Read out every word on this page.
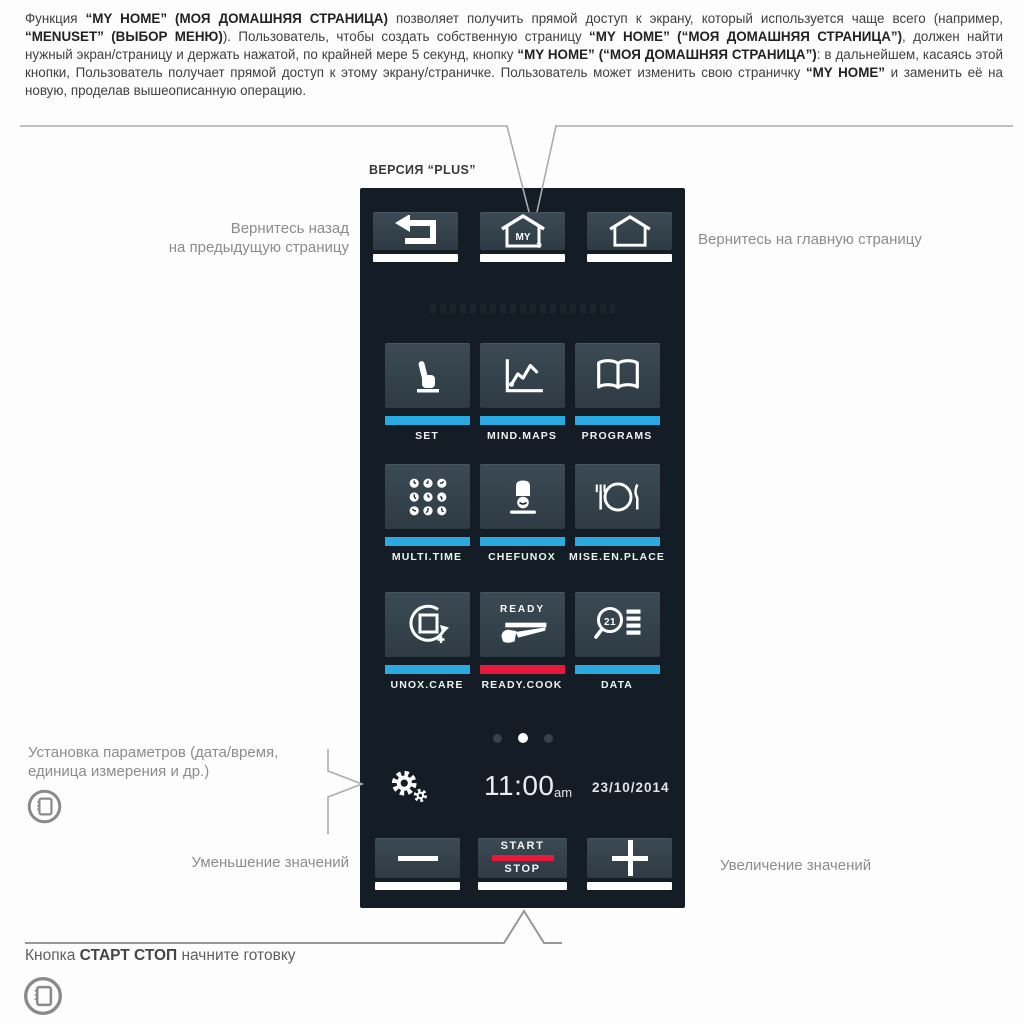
Функция “MY HOME” (МОЯ ДОМАШНЯЯ СТРАНИЦА) позволяет получить прямой доступ к экрану, который используется чаще всего (например, “MENUSET” (ВЫБОР МЕНЮ)). Пользователь, чтобы создать собственную страницу “MY HOME” (“МОЯ ДОМАШНЯЯ СТРАНИЦА”), должен найти нужный экран/страницу и держать нажатой, по крайней мере 5 секунд, кнопку “MY HOME” (“МОЯ ДОМАШНЯЯ СТРАНИЦА”): в дальнейшем, касаясь этой кнопки, Пользователь получает прямой доступ к этому экрану/страничке. Пользователь может изменить свою страничку “MY HOME” и заменить её на новую, проделав вышеописанную операцию.

ВЕРСИЯ “PLUS”
MY
SET	MIND.MAPS	PROGRAMS
MULTI.TIME	CHEFUNOX	MISE.EN.PLACE
UNOX.CARE
READY
READY.COOK
21
DATA
11:00 am 23/10/2014
START
STOP
Вернитесь назад
на предыдущую страницу	Вернитесь на главную страницу
Установка параметров (дата/время,
единица измерения и др.)
Уменьшение значений	Увеличение значений
Кнопка СТАРТ СТОП начните готовку
